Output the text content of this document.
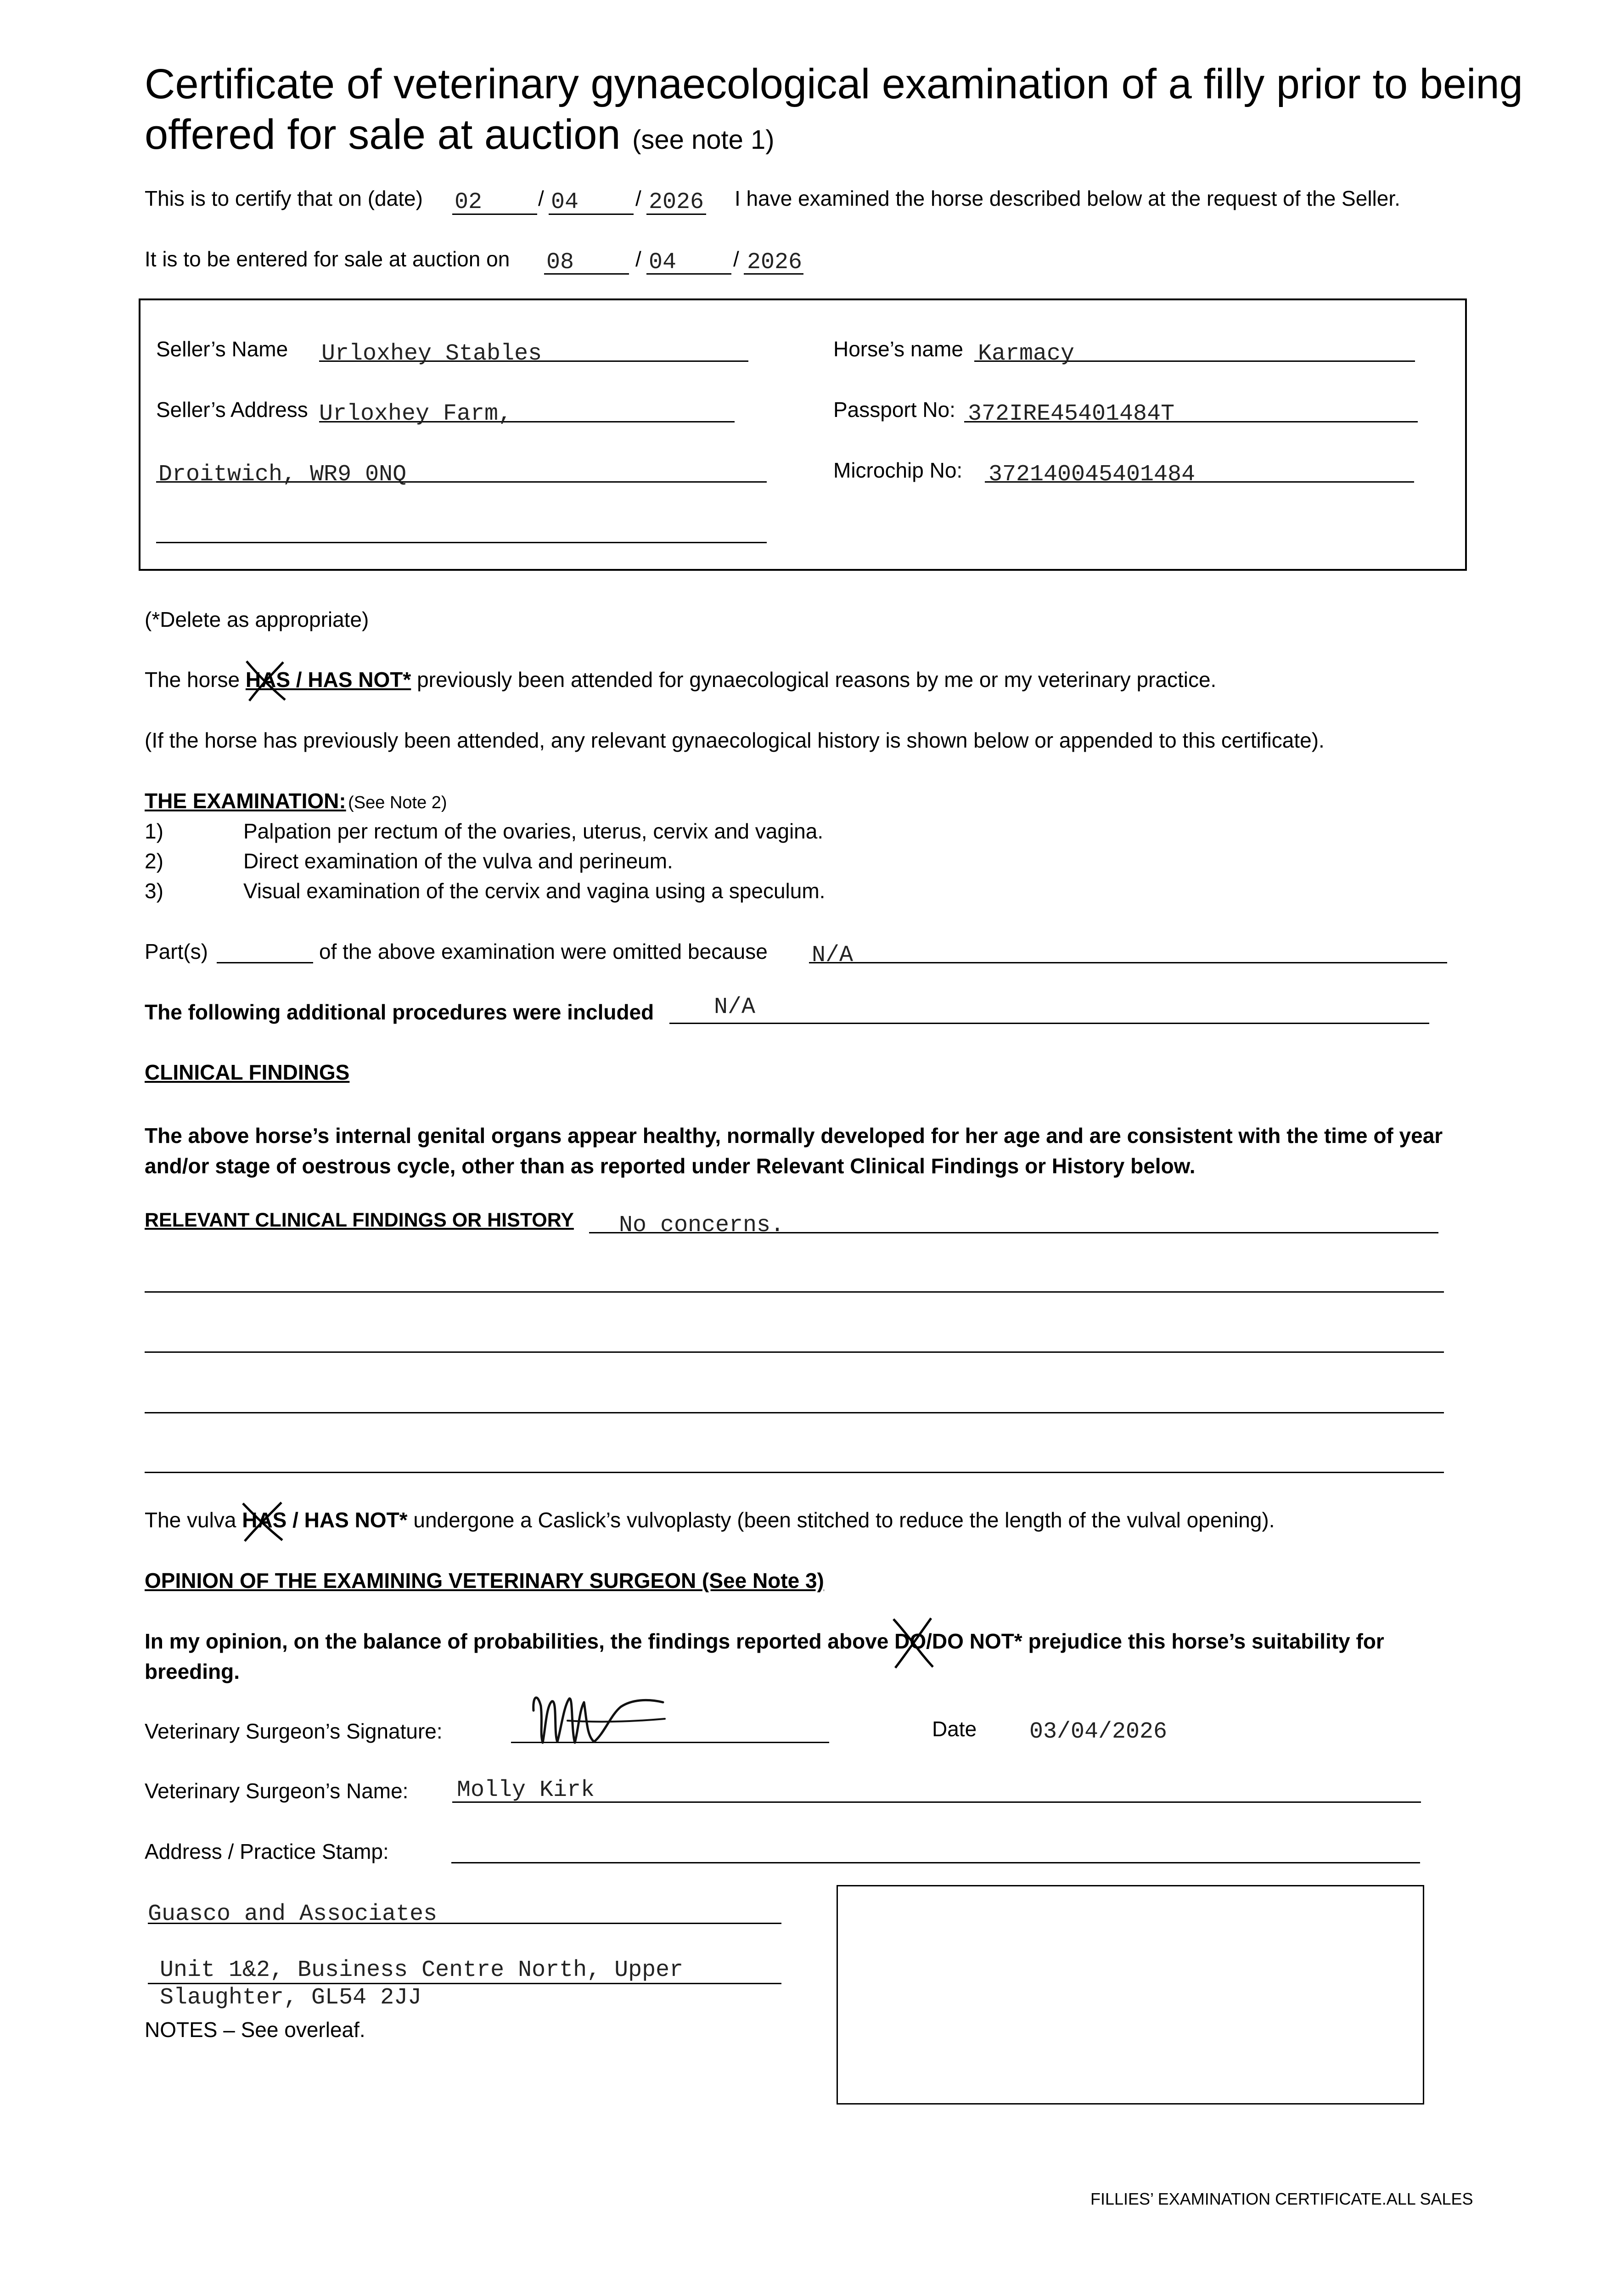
Certificate of veterinary gynaecological examination of a filly prior to being offered for sale at auction (see note 1)
This is to certify that on (date) 02	/ 04	/ 2026 I have examined the horse described below at the request of the Seller.
It is to be entered for sale at auction on 08	/ 04	/ 2026
Seller’s Name Urloxhey Stables
Seller’s Address Urloxhey Farm,
Droitwich, WR9 0NQ
Horse’s name Karmacy
Passport No: 372IRE45401484T
Microchip No: 372140045401484
(*Delete as appropriate)
The horse HAS
/ HAS NOT* previously been attended for gynaecological reasons by me or my veterinary practice.
(If the horse has previously been attended, any relevant gynaecological history is shown below or appended to this certificate).
THE EXAMINATION: (See Note 2)
1)	Palpation per rectum of the ovaries, uterus, cervix and vagina.
2)	Direct examination of the vulva and perineum.
3)	Visual examination of the cervix and vagina using a speculum.
Part(s)	of the above examination were omitted because N/A
The following additional procedures were included	N/A
CLINICAL FINDINGS
The above horse’s internal genital organs appear healthy, normally developed for her age and are consistent with the time of year and/or stage of oestrous cycle, other than as reported under Relevant Clinical Findings or History below.
RELEVANT CLINICAL FINDINGS OR HISTORY No concerns.
The vulva HAS / HAS NOT* undergone a Caslick’s vulvoplasty (been stitched to reduce the length of the vulval opening).
OPINION OF THE EXAMINING VETERINARY SURGEON (See Note 3)
In my opinion, on the balance of probabilities, the findings reported above DO
/DO NOT* prejudice this horse’s suitability for
breeding.
Veterinary Surgeon’s Signature:	Date 03/04/2026
Veterinary Surgeon’s Name: Molly Kirk
Address / Practice Stamp:
Guasco and Associates
Unit 1&2, Business Centre North, Upper
Slaughter, GL54 2JJ
NOTES – See overleaf.
FILLIES’ EXAMINATION CERTIFICATE.ALL SALES
